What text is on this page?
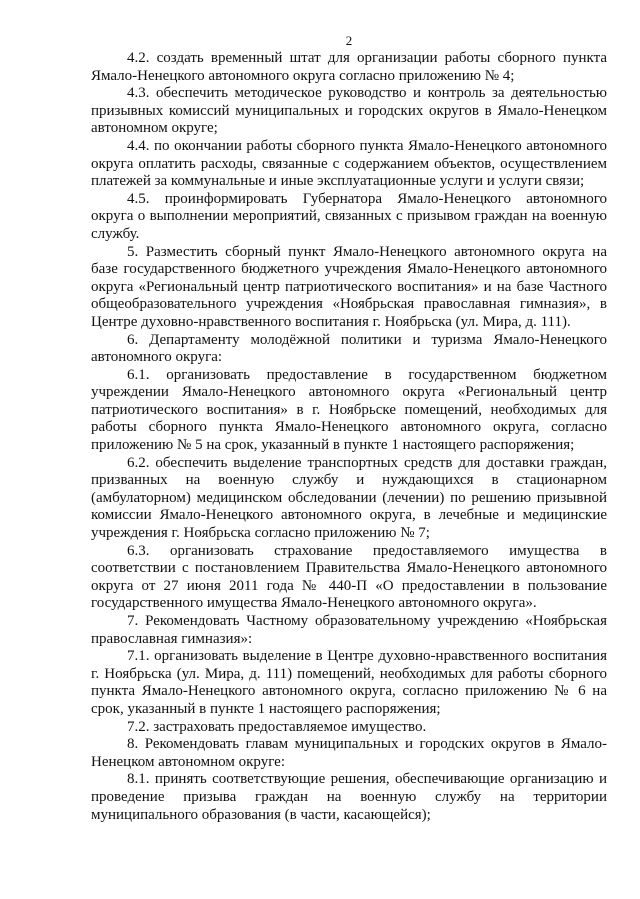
2

4.2. создать временный штат для организации работы сборного пункта Ямало-Ненецкого автономного округа согласно приложению № 4;

4.3. обеспечить методическое руководство и контроль за деятельностью призывных комиссий муниципальных и городских округов в Ямало-Ненецком автономном округе;

4.4. по окончании работы сборного пункта Ямало-Ненецкого автономного округа оплатить расходы, связанные с содержанием объектов, осуществлением платежей за коммунальные и иные эксплуатационные услуги и услуги связи;

4.5. проинформировать Губернатора Ямало-Ненецкого автономного округа о выполнении мероприятий, связанных с призывом граждан на военную службу.

5. Разместить сборный пункт Ямало-Ненецкого автономного округа на базе государственного бюджетного учреждения Ямало-Ненецкого автономного округа «Региональный центр патриотического воспитания» и на базе Частного общеобразовательного учреждения «Ноябрьская православная гимназия», в Центре духовно-нравственного воспитания г. Ноябрьска (ул. Мира, д. 111).

6. Департаменту молодёжной политики и туризма Ямало-Ненецкого автономного округа:

6.1. организовать предоставление в государственном бюджетном учреждении Ямало-Ненецкого автономного округа «Региональный центр патриотического воспитания» в г. Ноябрьске помещений, необходимых для работы сборного пункта Ямало-Ненецкого автономного округа, согласно приложению № 5 на срок, указанный в пункте 1 настоящего распоряжения;

6.2. обеспечить выделение транспортных средств для доставки граждан, призванных на военную службу и нуждающихся в стационарном (амбулаторном) медицинском обследовании (лечении) по решению призывной комиссии Ямало-Ненецкого автономного округа, в лечебные и медицинские учреждения г. Ноябрьска согласно приложению № 7;

6.3. организовать страхование предоставляемого имущества в соответствии с постановлением Правительства Ямало-Ненецкого автономного округа от 27 июня 2011 года № 440-П «О предоставлении в пользование государственного имущества Ямало-Ненецкого автономного округа».

7. Рекомендовать Частному образовательному учреждению «Ноябрьская православная гимназия»:

7.1. организовать выделение в Центре духовно-нравственного воспитания г. Ноябрьска (ул. Мира, д. 111) помещений, необходимых для работы сборного пункта Ямало-Ненецкого автономного округа, согласно приложению № 6 на срок, указанный в пункте 1 настоящего распоряжения;

7.2. застраховать предоставляемое имущество.

8. Рекомендовать главам муниципальных и городских округов в Ямало-Ненецком автономном округе:

8.1. принять соответствующие решения, обеспечивающие организацию и проведение призыва граждан на военную службу на территории муниципального образования (в части, касающейся);
